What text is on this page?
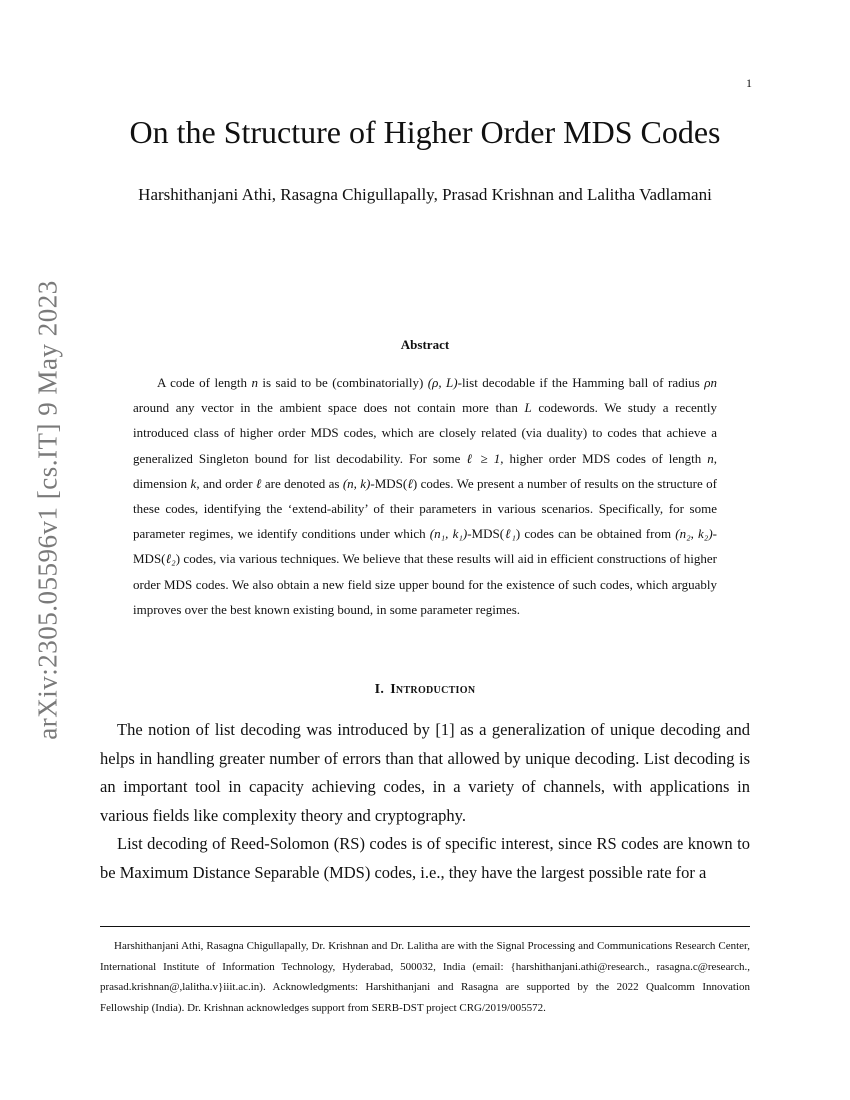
1
arXiv:2305.05596v1 [cs.IT] 9 May 2023
On the Structure of Higher Order MDS Codes

Harshithanjani Athi, Rasagna Chigullapally, Prasad Krishnan and Lalitha Vadlamani

Abstract

A code of length n is said to be (combinatorially) (ρ, L)-list decodable if the Hamming ball of radius ρn around any vector in the ambient space does not contain more than L codewords. We study a recently introduced class of higher order MDS codes, which are closely related (via duality) to codes that achieve a generalized Singleton bound for list decodability. For some ℓ ≥ 1, higher order MDS codes of length n, dimension k, and order ℓ are denoted as (n, k)-MDS(ℓ) codes. We present a number of results on the structure of these codes, identifying the ‘extend-ability’ of their parameters in various scenarios. Specifically, for some parameter regimes, we identify conditions under which (n₁, k₁)-MDS(ℓ₁) codes can be obtained from (n₂, k₂)-MDS(ℓ₂) codes, via various techniques. We believe that these results will aid in efficient constructions of higher order MDS codes. We also obtain a new field size upper bound for the existence of such codes, which arguably improves over the best known existing bound, in some parameter regimes.

I. Introduction

The notion of list decoding was introduced by [1] as a generalization of unique decoding and helps in handling greater number of errors than that allowed by unique decoding. List decoding is an important tool in capacity achieving codes, in a variety of channels, with applications in various fields like complexity theory and cryptography.

List decoding of Reed-Solomon (RS) codes is of specific interest, since RS codes are known to be Maximum Distance Separable (MDS) codes, i.e., they have the largest possible rate for a

Harshithanjani Athi, Rasagna Chigullapally, Dr. Krishnan and Dr. Lalitha are with the Signal Processing and Communications Research Center, International Institute of Information Technology, Hyderabad, 500032, India (email: {harshithanjani.athi@research., rasagna.c@research., prasad.krishnan@,lalitha.v}iiit.ac.in). Acknowledgments: Harshithanjani and Rasagna are supported by the 2022 Qualcomm Innovation Fellowship (India). Dr. Krishnan acknowledges support from SERB-DST project CRG/2019/005572.
